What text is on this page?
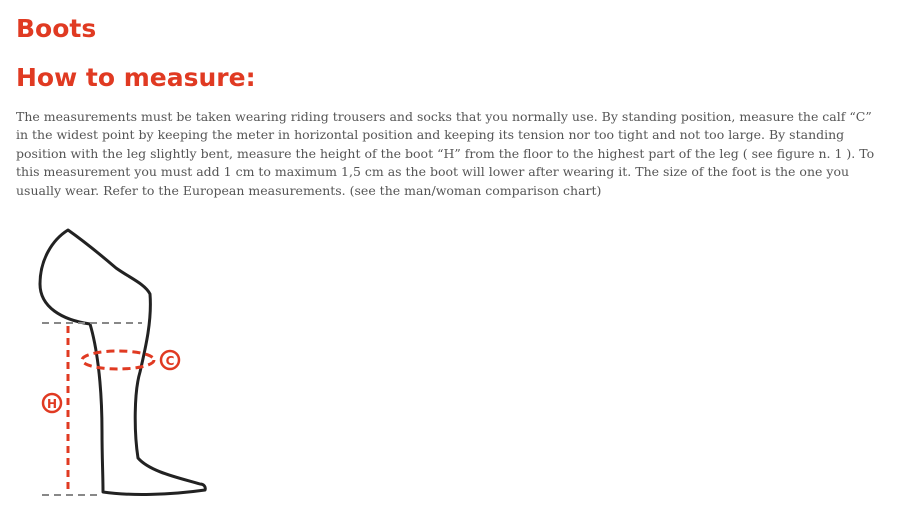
Boots
How to measure:

The measurements must be taken wearing riding trousers and socks that you normally use. By standing position, measure the calf “C” in the widest point by keeping the meter in horizontal position and keeping its tension nor too tight and not too large. By standing position with the leg slightly bent, measure the height of the boot “H” from the floor to the highest part of the leg ( see figure n. 1 ). To this measurement you must add 1 cm to maximum 1,5 cm as the boot will lower after wearing it. The size of the foot is the one you usually wear. Refer to the European measurements. (see the man/woman comparison chart)

C
H
